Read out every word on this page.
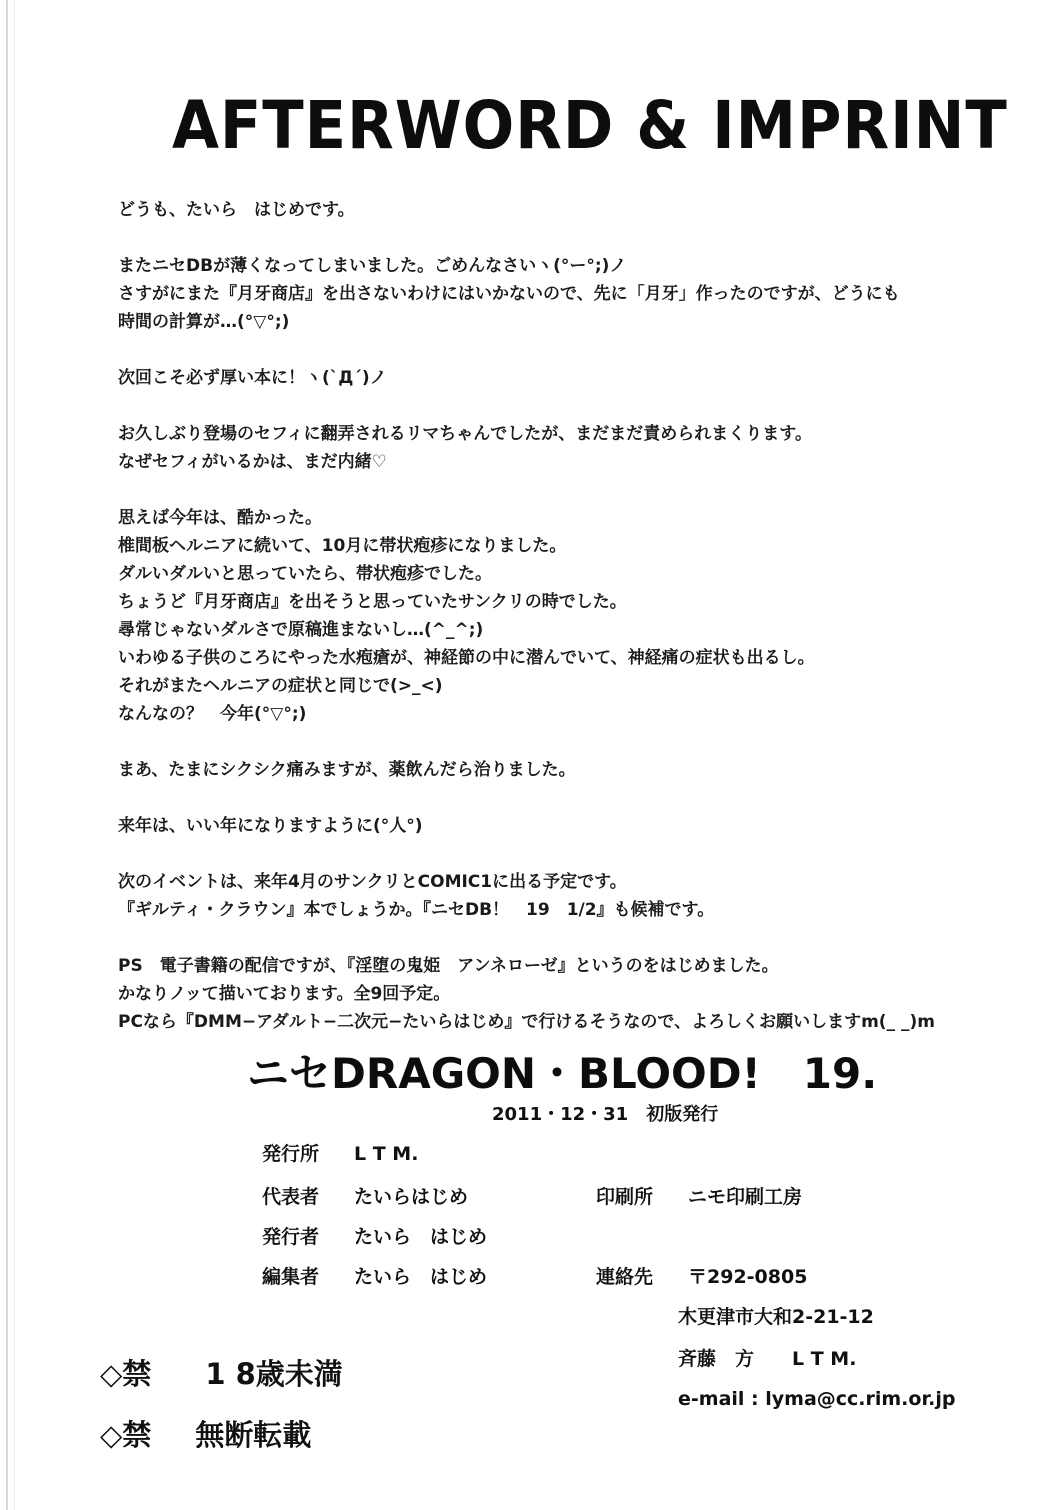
AFTERWORD & IMPRINT
どうも、たいら　はじめです。
またニセDBが薄くなってしまいました。ごめんなさいヽ(°ー°;)ノ
さすがにまた『月牙商店』を出さないわけにはいかないので、先に「月牙」作ったのですが、どうにも
時間の計算が…(°▽°;)
次回こそ必ず厚い本に！ヽ(`Д´)ノ
お久しぶり登場のセフィに翻弄されるリマちゃんでしたが、まだまだ責められまくります。
なぜセフィがいるかは、まだ内緒♡
思えば今年は、酷かった。
椎間板ヘルニアに続いて、10月に帯状疱疹になりました。
ダルいダルいと思っていたら、帯状疱疹でした。
ちょうど『月牙商店』を出そうと思っていたサンクリの時でした。
尋常じゃないダルさで原稿進まないし…(^_^;)
いわゆる子供のころにやった水疱瘡が、神経節の中に潜んでいて、神経痛の症状も出るし。
それがまたヘルニアの症状と同じで(>_<)
なんなの？　今年(°▽°;)
まあ、たまにシクシク痛みますが、薬飲んだら治りました。
来年は、いい年になりますように(°人°)
次のイベントは、来年4月のサンクリとCOMIC1に出る予定です。
『ギルティ・クラウン』本でしょうか。『ニセDB！　19　1/2』も候補です。
PS　電子書籍の配信ですが、『淫堕の鬼姫　アンネローゼ』というのをはじめました。
かなりノッて描いております。全9回予定。
PCなら『DMM−アダルト−二次元−たいらはじめ』で行けるそうなので、よろしくお願いしますm(_ _)m
ニセDRAGON・BLOOD!　19.
2011・12・31　初版発行
発行所 L T M.
代表者 たいらはじめ
発行者 たいら　はじめ
編集者 たいら　はじめ
印刷所 ニモ印刷工房
連絡先 〒292-0805
木更津市大和2-21-12
斉藤　方　　L T M.
e-mail : lyma@cc.rim.or.jp
◇禁 1 8歳未満
◇禁 無断転載
